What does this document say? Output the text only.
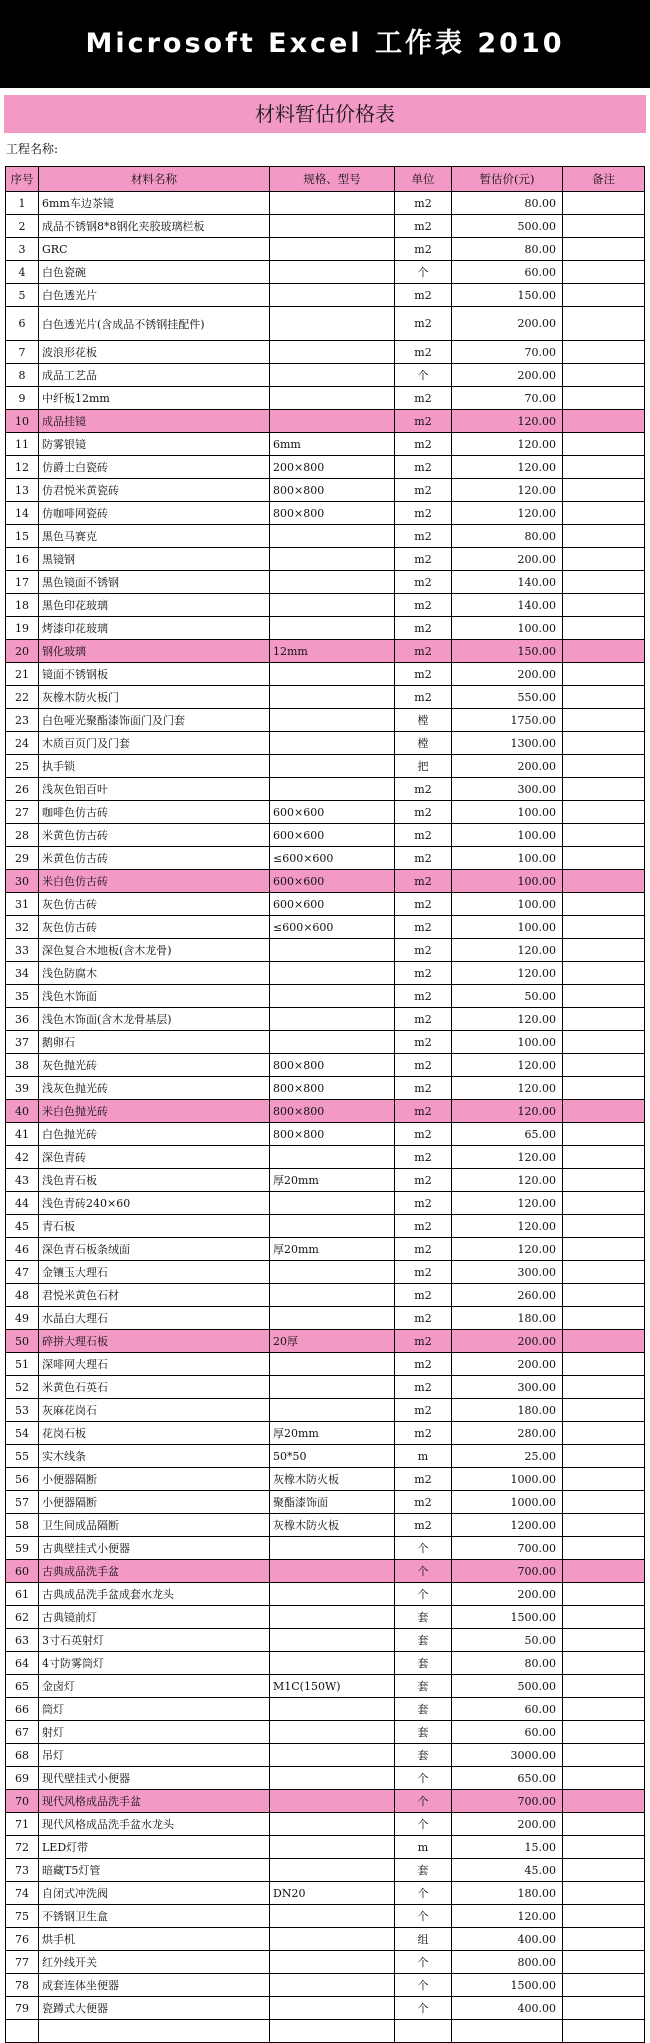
Microsoft Excel 工作表 2010
材料暂估价格表
工程名称:
序号	材料名称	规格、型号	单位	暂估价(元)	备注
1	6mm车边茶镜		m2	80.00	
2	成品不锈钢8*8钢化夹胶玻璃栏板		m2	500.00	
3	GRC		m2	80.00	
4	白色瓷碗		个	60.00	
5	白色透光片		m2	150.00	
6	白色透光片(含成品不锈钢挂配件)		m2	200.00	
7	波浪形花板		m2	70.00	
8	成品工艺品		个	200.00	
9	中纤板12mm		m2	70.00	
10	成品挂镜		m2	120.00	
11	防雾银镜	6mm	m2	120.00	
12	仿爵士白瓷砖	200×800	m2	120.00	
13	仿君悦米黄瓷砖	800×800	m2	120.00	
14	仿咖啡网瓷砖	800×800	m2	120.00	
15	黑色马赛克		m2	80.00	
16	黑镜钢		m2	200.00	
17	黑色镜面不锈钢		m2	140.00	
18	黑色印花玻璃		m2	140.00	
19	烤漆印花玻璃		m2	100.00	
20	钢化玻璃	12mm	m2	150.00	
21	镜面不锈钢板		m2	200.00	
22	灰橡木防火板门		m2	550.00	
23	白色哑光聚酯漆饰面门及门套		樘	1750.00	
24	木质百页门及门套		樘	1300.00	
25	执手锁		把	200.00	
26	浅灰色铝百叶		m2	300.00	
27	咖啡色仿古砖	600×600	m2	100.00	
28	米黄色仿古砖	600×600	m2	100.00	
29	米黄色仿古砖	≤600×600	m2	100.00	
30	米白色仿古砖	600×600	m2	100.00	
31	灰色仿古砖	600×600	m2	100.00	
32	灰色仿古砖	≤600×600	m2	100.00	
33	深色复合木地板(含木龙骨)		m2	120.00	
34	浅色防腐木		m2	120.00	
35	浅色木饰面		m2	50.00	
36	浅色木饰面(含木龙骨基层)		m2	120.00	
37	鹅卵石		m2	100.00	
38	灰色抛光砖	800×800	m2	120.00	
39	浅灰色抛光砖	800×800	m2	120.00	
40	米白色抛光砖	800×800	m2	120.00	
41	白色抛光砖	800×800	m2	65.00	
42	深色青砖		m2	120.00	
43	浅色青石板	厚20mm	m2	120.00	
44	浅色青砖240×60		m2	120.00	
45	青石板		m2	120.00	
46	深色青石板条绒面	厚20mm	m2	120.00	
47	金镶玉大理石		m2	300.00	
48	君悦米黄色石材		m2	260.00	
49	水晶白大理石		m2	180.00	
50	碎拼大理石板	20厚	m2	200.00	
51	深啡网大理石		m2	200.00	
52	米黄色石英石		m2	300.00	
53	灰麻花岗石		m2	180.00	
54	花岗石板	厚20mm	m2	280.00	
55	实木线条	50*50	m	25.00	
56	小便器隔断	灰橡木防火板	m2	1000.00	
57	小便器隔断	聚酯漆饰面	m2	1000.00	
58	卫生间成品隔断	灰橡木防火板	m2	1200.00	
59	古典壁挂式小便器		个	700.00	
60	古典成品洗手盆		个	700.00	
61	古典成品洗手盆成套水龙头		个	200.00	
62	古典镜前灯		套	1500.00	
63	3寸石英射灯		套	50.00	
64	4寸防雾筒灯		套	80.00	
65	金卤灯	M1C(150W)	套	500.00	
66	筒灯		套	60.00	
67	射灯		套	60.00	
68	吊灯		套	3000.00	
69	现代壁挂式小便器		个	650.00	
70	现代风格成品洗手盆		个	700.00	
71	现代风格成品洗手盆水龙头		个	200.00	
72	LED灯带		m	15.00	
73	暗藏T5灯管		套	45.00	
74	自闭式冲洗阀	DN20	个	180.00	
75	不锈钢卫生盒		个	120.00	
76	烘手机		组	400.00	
77	红外线开关		个	800.00	
78	成套连体坐便器		个	1500.00	
79	瓷蹲式大便器		个	400.00	
